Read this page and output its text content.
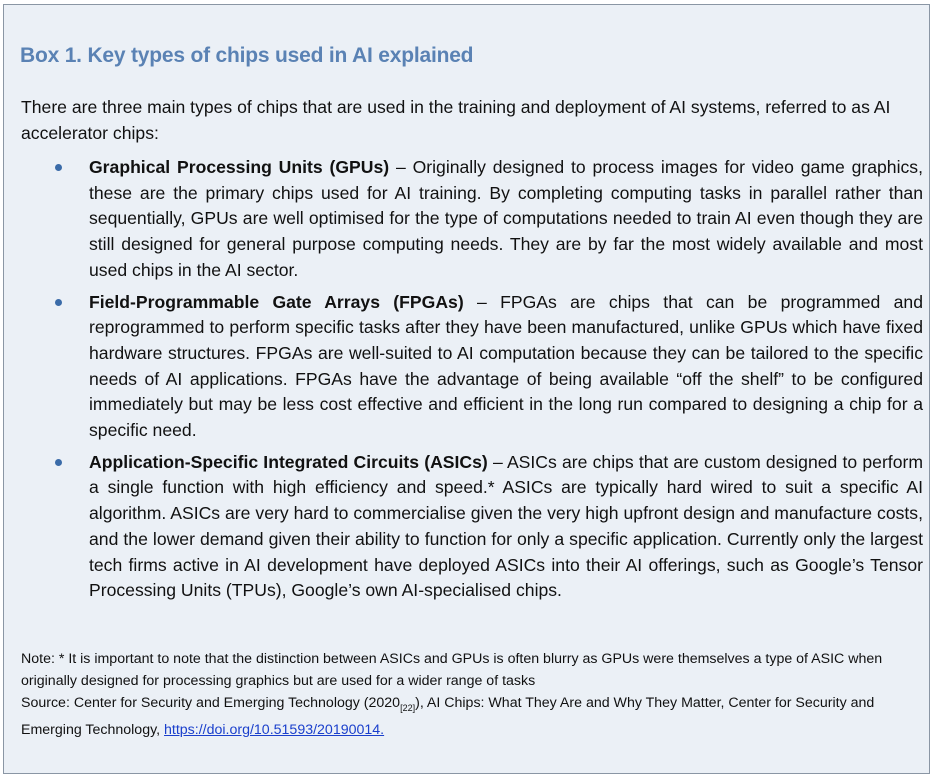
Box 1. Key types of chips used in AI explained
There are three main types of chips that are used in the training and deployment of AI systems, referred to as AI accelerator chips:
Graphical Processing Units (GPUs) – Originally designed to process images for video game graphics, these are the primary chips used for AI training. By completing computing tasks in parallel rather than sequentially, GPUs are well optimised for the type of computations needed to train AI even though they are still designed for general purpose computing needs. They are by far the most widely available and most used chips in the AI sector.
Field-Programmable Gate Arrays (FPGAs) – FPGAs are chips that can be programmed and reprogrammed to perform specific tasks after they have been manufactured, unlike GPUs which have fixed hardware structures. FPGAs are well-suited to AI computation because they can be tailored to the specific needs of AI applications. FPGAs have the advantage of being available “off the shelf” to be configured immediately but may be less cost effective and efficient in the long run compared to designing a chip for a specific need.
Application-Specific Integrated Circuits (ASICs) – ASICs are chips that are custom designed to perform a single function with high efficiency and speed.* ASICs are typically hard wired to suit a specific AI algorithm. ASICs are very hard to commercialise given the very high upfront design and manufacture costs, and the lower demand given their ability to function for only a specific application. Currently only the largest tech firms active in AI development have deployed ASICs into their AI offerings, such as Google’s Tensor Processing Units (TPUs), Google’s own AI-specialised chips.
Note: * It is important to note that the distinction between ASICs and GPUs is often blurry as GPUs were themselves a type of ASIC when originally designed for processing graphics but are used for a wider range of tasks
Source: Center for Security and Emerging Technology $(2020_{[22]})$, AI Chips: What They Are and Why They Matter, Center for Security and Emerging Technology, https://doi.org/10.51593/20190014.
